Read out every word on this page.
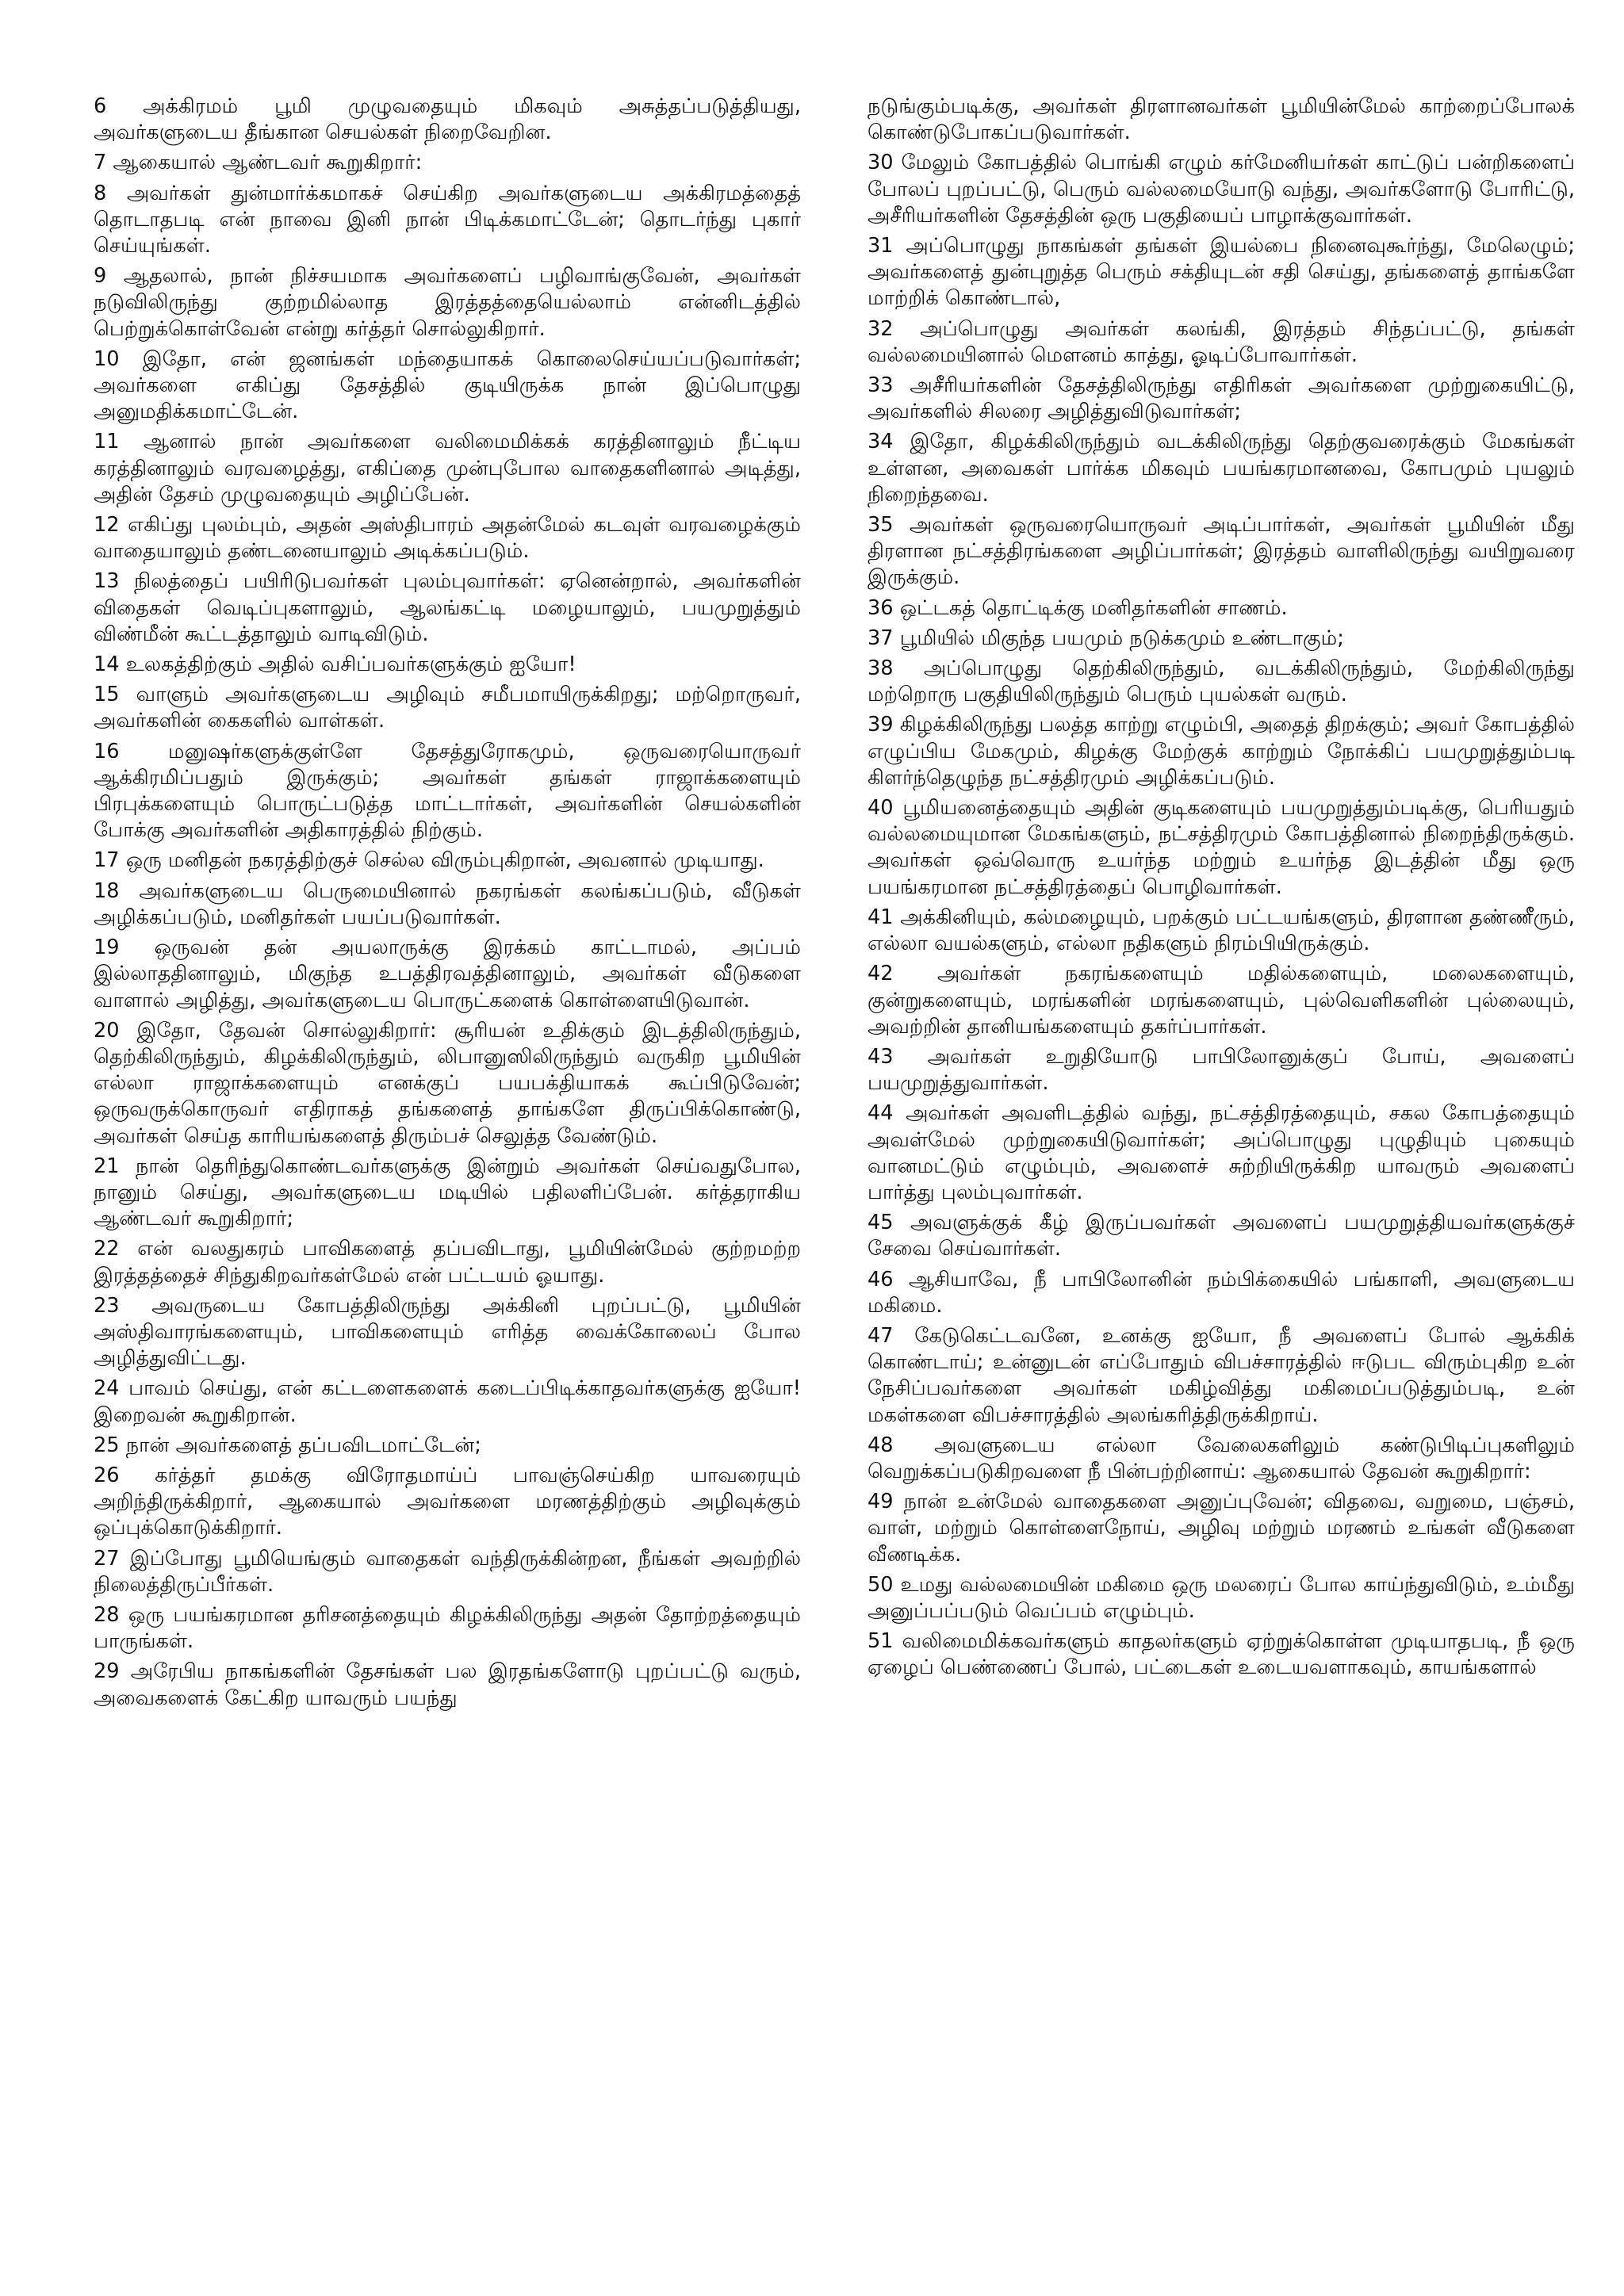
6 அக்கிரமம் பூமி முழுவதையும் மிகவும் அசுத்தப்படுத்தியது, அவர்களுடைய தீங்கான செயல்கள் நிறைவேறின.

7 ஆகையால் ஆண்டவர் கூறுகிறார்:

8 அவர்கள் துன்மார்க்கமாகச் செய்கிற அவர்களுடைய அக்கிரமத்தைத் தொடாதபடி என் நாவை இனி நான் பிடிக்கமாட்டேன்; தொடர்ந்து புகார் செய்யுங்கள்.

9 ஆதலால், நான் நிச்சயமாக அவர்களைப் பழிவாங்குவேன், அவர்கள் நடுவிலிருந்து குற்றமில்லாத இரத்தத்தையெல்லாம் என்னிடத்தில் பெற்றுக்கொள்வேன் என்று கர்த்தர் சொல்லுகிறார்.

10 இதோ, என் ஜனங்கள் மந்தையாகக் கொலைசெய்யப்படுவார்கள்; அவர்களை எகிப்து தேசத்தில் குடியிருக்க நான் இப்பொழுது அனுமதிக்கமாட்டேன்.

11 ஆனால் நான் அவர்களை வலிமைமிக்கக் கரத்தினாலும் நீட்டிய கரத்தினாலும் வரவழைத்து, எகிப்தை முன்புபோல வாதைகளினால் அடித்து, அதின் தேசம் முழுவதையும் அழிப்பேன்.

12 எகிப்து புலம்பும், அதன் அஸ்திபாரம் அதன்மேல் கடவுள் வரவழைக்கும் வாதையாலும் தண்டனையாலும் அடிக்கப்படும்.

13 நிலத்தைப் பயிரிடுபவர்கள் புலம்புவார்கள்: ஏனென்றால், அவர்களின் விதைகள் வெடிப்புகளாலும், ஆலங்கட்டி மழையாலும், பயமுறுத்தும் விண்மீன் கூட்டத்தாலும் வாடிவிடும்.

14 உலகத்திற்கும் அதில் வசிப்பவர்களுக்கும் ஐயோ!

15 வாளும் அவர்களுடைய அழிவும் சமீபமாயிருக்கிறது; மற்றொருவர், அவர்களின் கைகளில் வாள்கள்.

16 மனுஷர்களுக்குள்ளே தேசத்துரோகமும், ஒருவரையொருவர் ஆக்கிரமிப்பதும் இருக்கும்; அவர்கள் தங்கள் ராஜாக்களையும் பிரபுக்களையும் பொருட்படுத்த மாட்டார்கள், அவர்களின் செயல்களின் போக்கு அவர்களின் அதிகாரத்தில் நிற்கும்.

17 ஒரு மனிதன் நகரத்திற்குச் செல்ல விரும்புகிறான், அவனால் முடியாது.

18 அவர்களுடைய பெருமையினால் நகரங்கள் கலங்கப்படும், வீடுகள் அழிக்கப்படும், மனிதர்கள் பயப்படுவார்கள்.

19 ஒருவன் தன் அயலாருக்கு இரக்கம் காட்டாமல், அப்பம் இல்லாததினாலும், மிகுந்த உபத்திரவத்தினாலும், அவர்கள் வீடுகளை வாளால் அழித்து, அவர்களுடைய பொருட்களைக் கொள்ளையிடுவான்.

20 இதோ, தேவன் சொல்லுகிறார்: சூரியன் உதிக்கும் இடத்திலிருந்தும், தெற்கிலிருந்தும், கிழக்கிலிருந்தும், லிபானுஸிலிருந்தும் வருகிற பூமியின் எல்லா ராஜாக்களையும் எனக்குப் பயபக்தியாகக் கூப்பிடுவேன்; ஒருவருக்கொருவர் எதிராகத் தங்களைத் தாங்களே திருப்பிக்கொண்டு, அவர்கள் செய்த காரியங்களைத் திரும்பச் செலுத்த வேண்டும்.

21 நான் தெரிந்துகொண்டவர்களுக்கு இன்றும் அவர்கள் செய்வதுபோல, நானும் செய்து, அவர்களுடைய மடியில் பதிலளிப்பேன். கர்த்தராகிய ஆண்டவர் கூறுகிறார்;

22 என் வலதுகரம் பாவிகளைத் தப்பவிடாது, பூமியின்மேல் குற்றமற்ற இரத்தத்தைச் சிந்துகிறவர்கள்மேல் என் பட்டயம் ஓயாது.

23 அவருடைய கோபத்திலிருந்து அக்கினி புறப்பட்டு, பூமியின் அஸ்திவாரங்களையும், பாவிகளையும் எரித்த வைக்கோலைப் போல அழித்துவிட்டது.

24 பாவம் செய்து, என் கட்டளைகளைக் கடைப்பிடிக்காதவர்களுக்கு ஐயோ! இறைவன் கூறுகிறான்.

25 நான் அவர்களைத் தப்பவிடமாட்டேன்;

26 கர்த்தர் தமக்கு விரோதமாய்ப் பாவஞ்செய்கிற யாவரையும் அறிந்திருக்கிறார், ஆகையால் அவர்களை மரணத்திற்கும் அழிவுக்கும் ஒப்புக்கொடுக்கிறார்.

27 இப்போது பூமியெங்கும் வாதைகள் வந்திருக்கின்றன, நீங்கள் அவற்றில் நிலைத்திருப்பீர்கள்.

28 ஒரு பயங்கரமான தரிசனத்தையும் கிழக்கிலிருந்து அதன் தோற்றத்தையும் பாருங்கள்.

29 அரேபிய நாகங்களின் தேசங்கள் பல இரதங்களோடு புறப்பட்டு வரும், அவைகளைக் கேட்கிற யாவரும் பயந்து

நடுங்கும்படிக்கு, அவர்கள் திரளானவர்கள் பூமியின்மேல் காற்றைப்போலக் கொண்டுபோகப்படுவார்கள்.

30 மேலும் கோபத்தில் பொங்கி எழும் கர்மேனியர்கள் காட்டுப் பன்றிகளைப் போலப் புறப்பட்டு, பெரும் வல்லமையோடு வந்து, அவர்களோடு போரிட்டு, அசீரியர்களின் தேசத்தின் ஒரு பகுதியைப் பாழாக்குவார்கள்.

31 அப்பொழுது நாகங்கள் தங்கள் இயல்பை நினைவுகூர்ந்து, மேலெழும்; அவர்களைத் துன்புறுத்த பெரும் சக்தியுடன் சதி செய்து, தங்களைத் தாங்களே மாற்றிக் கொண்டால்,

32 அப்பொழுது அவர்கள் கலங்கி, இரத்தம் சிந்தப்பட்டு, தங்கள் வல்லமையினால் மௌனம் காத்து, ஓடிப்போவார்கள்.

33 அசீரியர்களின் தேசத்திலிருந்து எதிரிகள் அவர்களை முற்றுகையிட்டு, அவர்களில் சிலரை அழித்துவிடுவார்கள்;

34 இதோ, கிழக்கிலிருந்தும் வடக்கிலிருந்து தெற்குவரைக்கும் மேகங்கள் உள்ளன, அவைகள் பார்க்க மிகவும் பயங்கரமானவை, கோபமும் புயலும் நிறைந்தவை.

35 அவர்கள் ஒருவரையொருவர் அடிப்பார்கள், அவர்கள் பூமியின் மீது திரளான நட்சத்திரங்களை அழிப்பார்கள்; இரத்தம் வாளிலிருந்து வயிறுவரை இருக்கும்.

36 ஒட்டகத் தொட்டிக்கு மனிதர்களின் சாணம்.

37 பூமியில் மிகுந்த பயமும் நடுக்கமும் உண்டாகும்;

38 அப்பொழுது தெற்கிலிருந்தும், வடக்கிலிருந்தும், மேற்கிலிருந்து மற்றொரு பகுதியிலிருந்தும் பெரும் புயல்கள் வரும்.

39 கிழக்கிலிருந்து பலத்த காற்று எழும்பி, அதைத் திறக்கும்; அவர் கோபத்தில் எழுப்பிய மேகமும், கிழக்கு மேற்குக் காற்றும் நோக்கிப் பயமுறுத்தும்படி கிளர்ந்தெழுந்த நட்சத்திரமும் அழிக்கப்படும்.

40 பூமியனைத்தையும் அதின் குடிகளையும் பயமுறுத்தும்படிக்கு, பெரியதும் வல்லமையுமான மேகங்களும், நட்சத்திரமும் கோபத்தினால் நிறைந்திருக்கும். அவர்கள் ஒவ்வொரு உயர்ந்த மற்றும் உயர்ந்த இடத்தின் மீது ஒரு பயங்கரமான நட்சத்திரத்தைப் பொழிவார்கள்.

41 அக்கினியும், கல்மழையும், பறக்கும் பட்டயங்களும், திரளான தண்ணீரும், எல்லா வயல்களும், எல்லா நதிகளும் நிரம்பியிருக்கும்.

42 அவர்கள் நகரங்களையும் மதில்களையும், மலைகளையும், குன்றுகளையும், மரங்களின் மரங்களையும், புல்வெளிகளின் புல்லையும், அவற்றின் தானியங்களையும் தகர்ப்பார்கள்.

43 அவர்கள் உறுதியோடு பாபிலோனுக்குப் போய், அவளைப் பயமுறுத்துவார்கள்.

44 அவர்கள் அவளிடத்தில் வந்து, நட்சத்திரத்தையும், சகல கோபத்தையும் அவள்மேல் முற்றுகையிடுவார்கள்; அப்பொழுது புழுதியும் புகையும் வானமட்டும் எழும்பும், அவளைச் சுற்றியிருக்கிற யாவரும் அவளைப் பார்த்து புலம்புவார்கள்.

45 அவளுக்குக் கீழ் இருப்பவர்கள் அவளைப் பயமுறுத்தியவர்களுக்குச் சேவை செய்வார்கள்.

46 ஆசியாவே, நீ பாபிலோனின் நம்பிக்கையில் பங்காளி, அவளுடைய மகிமை.

47 கேடுகெட்டவனே, உனக்கு ஐயோ, நீ அவளைப் போல் ஆக்கிக் கொண்டாய்; உன்னுடன் எப்போதும் விபச்சாரத்தில் ஈடுபட விரும்புகிற உன் நேசிப்பவர்களை அவர்கள் மகிழ்வித்து மகிமைப்படுத்தும்படி, உன் மகள்களை விபச்சாரத்தில் அலங்கரித்திருக்கிறாய்.

48 அவளுடைய எல்லா வேலைகளிலும் கண்டுபிடிப்புகளிலும் வெறுக்கப்படுகிறவளை நீ பின்பற்றினாய்: ஆகையால் தேவன் கூறுகிறார்:

49 நான் உன்மேல் வாதைகளை அனுப்புவேன்; விதவை, வறுமை, பஞ்சம், வாள், மற்றும் கொள்ளைநோய், அழிவு மற்றும் மரணம் உங்கள் வீடுகளை வீணடிக்க.

50 உமது வல்லமையின் மகிமை ஒரு மலரைப் போல காய்ந்துவிடும், உம்மீது அனுப்பப்படும் வெப்பம் எழும்பும்.

51 வலிமைமிக்கவர்களும் காதலர்களும் ஏற்றுக்கொள்ள முடியாதபடி, நீ ஒரு ஏழைப் பெண்ணைப் போல், பட்டைகள் உடையவளாகவும், காயங்களால்
